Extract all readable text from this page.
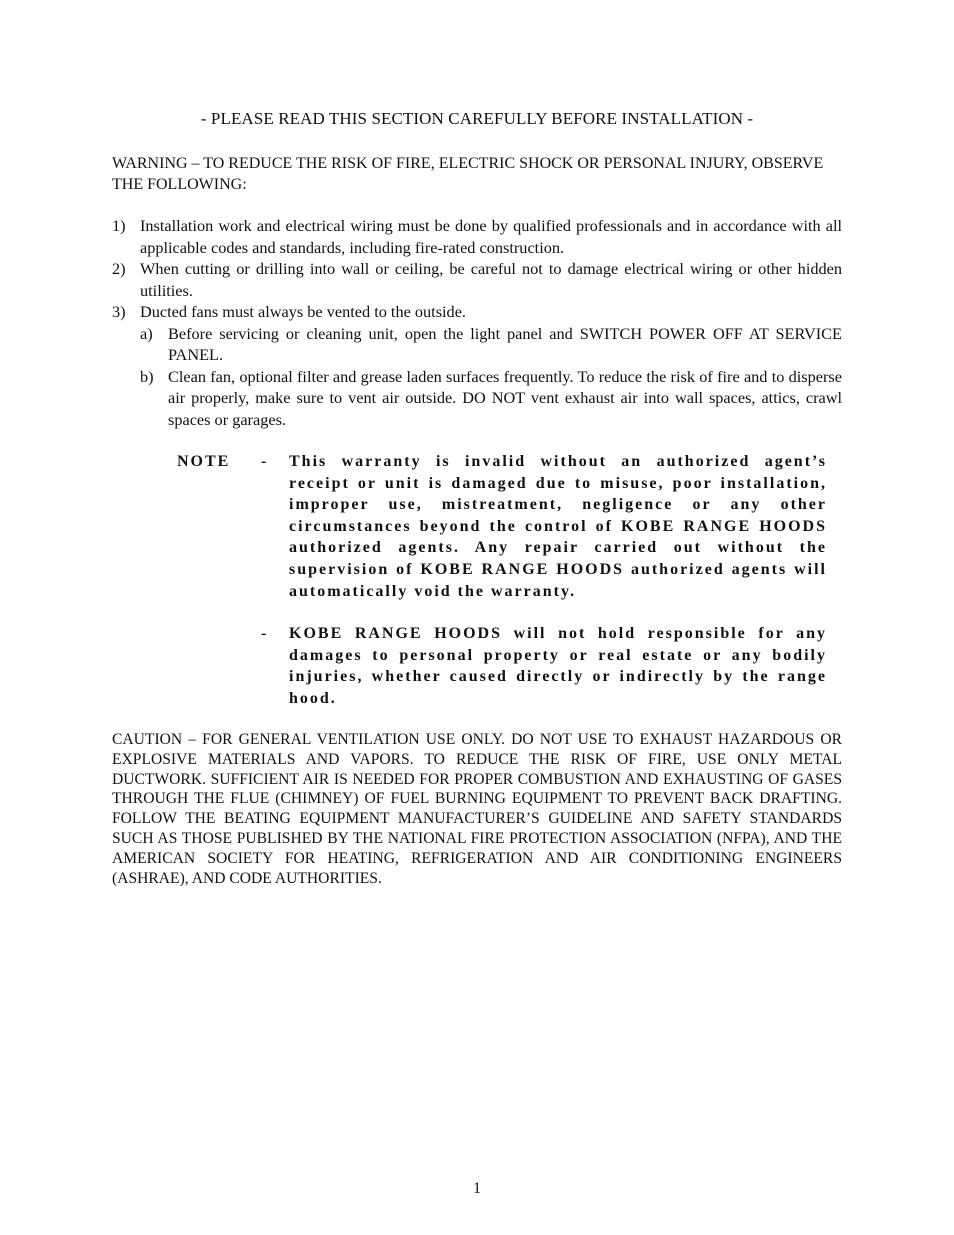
- PLEASE READ THIS SECTION CAREFULLY BEFORE INSTALLATION -
WARNING – TO REDUCE THE RISK OF FIRE, ELECTRIC SHOCK OR PERSONAL INJURY, OBSERVE THE FOLLOWING:
1) Installation work and electrical wiring must be done by qualified professionals and in accordance with all applicable codes and standards, including fire-rated construction.
2) When cutting or drilling into wall or ceiling, be careful not to damage electrical wiring or other hidden utilities.
3) Ducted fans must always be vented to the outside.
a) Before servicing or cleaning unit, open the light panel and SWITCH POWER OFF AT SERVICE PANEL.
b) Clean fan, optional filter and grease laden surfaces frequently. To reduce the risk of fire and to disperse air properly, make sure to vent air outside. DO NOT vent exhaust air into wall spaces, attics, crawl spaces or garages.
NOTE	-	This warranty is invalid without an authorized agent’s receipt or unit is damaged due to misuse, poor installation, improper use, mistreatment, negligence or any other circumstances beyond the control of KOBE RANGE HOODS authorized agents. Any repair carried out without the supervision of KOBE RANGE HOODS authorized agents will automatically void the warranty.
-	KOBE RANGE HOODS will not hold responsible for any damages to personal property or real estate or any bodily injuries, whether caused directly or indirectly by the range hood.
CAUTION – FOR GENERAL VENTILATION USE ONLY. DO NOT USE TO EXHAUST HAZARDOUS OR EXPLOSIVE MATERIALS AND VAPORS. TO REDUCE THE RISK OF FIRE, USE ONLY METAL DUCTWORK. SUFFICIENT AIR IS NEEDED FOR PROPER COMBUSTION AND EXHAUSTING OF GASES THROUGH THE FLUE (CHIMNEY) OF FUEL BURNING EQUIPMENT TO PREVENT BACK DRAFTING. FOLLOW THE BEATING EQUIPMENT MANUFACTURER’S GUIDELINE AND SAFETY STANDARDS SUCH AS THOSE PUBLISHED BY THE NATIONAL FIRE PROTECTION ASSOCIATION (NFPA), AND THE AMERICAN SOCIETY FOR HEATING, REFRIGERATION AND AIR CONDITIONING ENGINEERS (ASHRAE), AND CODE AUTHORITIES.
1
